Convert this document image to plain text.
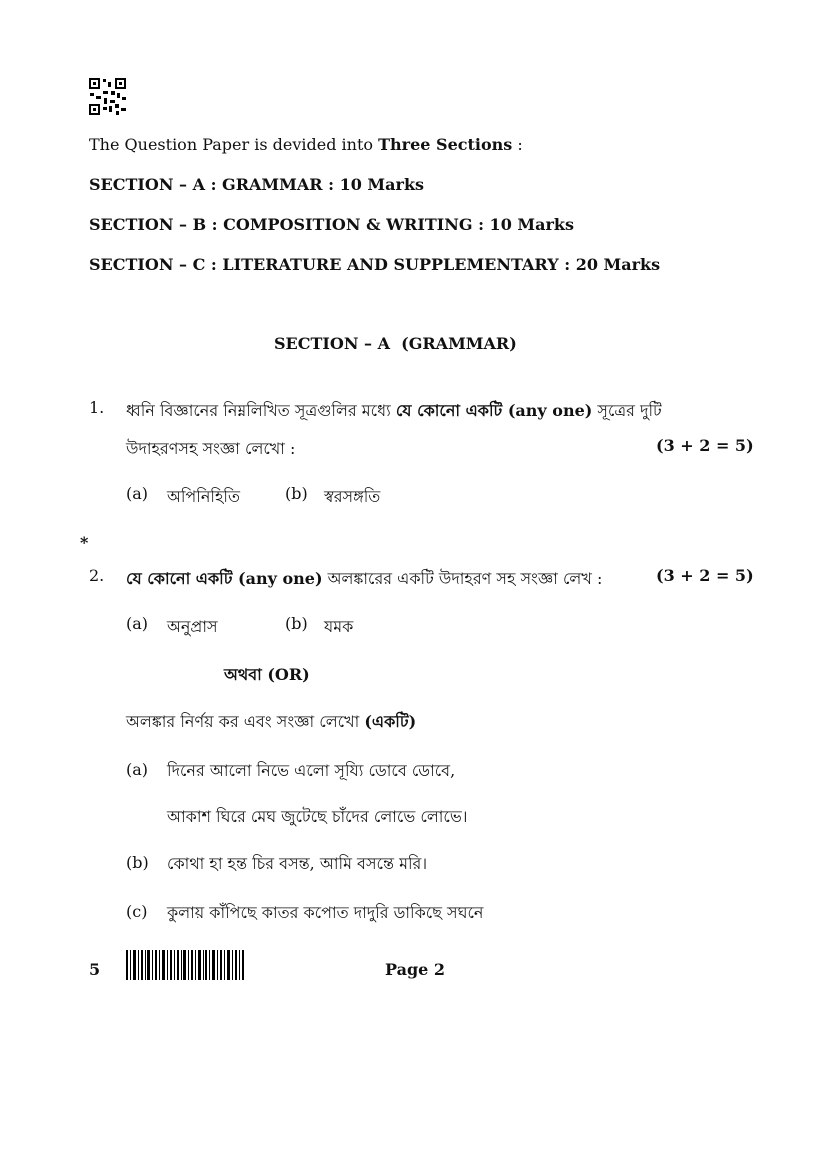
The Question Paper is devided into Three Sections :
SECTION – A : GRAMMAR : 10 Marks
SECTION – B : COMPOSITION & WRITING : 10 Marks
SECTION – C : LITERATURE AND SUPPLEMENTARY : 20 Marks
SECTION – A  (GRAMMAR)
1. ধ্বনি বিজ্ঞানের নিম্নলিখিত সূত্রগুলির মধ্যে যে কোনো একটি (any one) সূত্রের দুটি
উদাহরণসহ সংজ্ঞা লেখো :	(3 + 2 = 5)
(a) অপিনিহিতি	(b) স্বরসঙ্গতি
*
2. যে কোনো একটি (any one) অলঙ্কারের একটি উদাহরণ সহ সংজ্ঞা লেখ :	(3 + 2 = 5)
(a) অনুপ্রাস	(b) যমক
অথবা (OR)
অলঙ্কার নির্ণয় কর এবং সংজ্ঞা লেখো (একটি)
(a) দিনের আলো নিভে এলো সূয্যি ডোবে ডোবে,
আকাশ ঘিরে মেঘ জুটেছে চাঁদের লোভে লোভে।
(b) কোথা হা হন্ত চির বসন্ত, আমি বসন্তে মরি।
(c) কুলায় কাঁপিছে কাতর কপোত দাদুরি ডাকিছে সঘনে
5	Page 2
